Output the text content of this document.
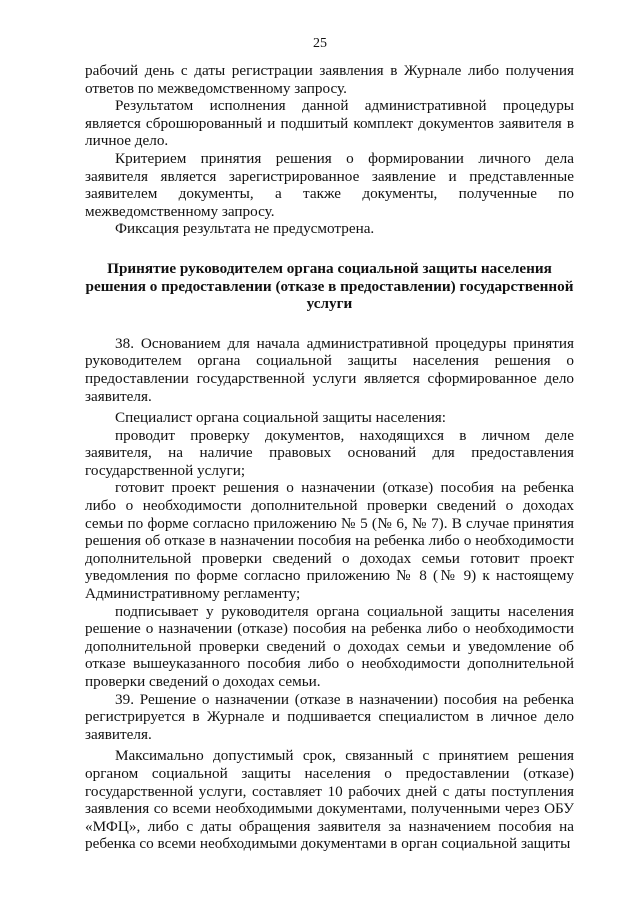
25

рабочий день с даты регистрации заявления в Журнале либо получения ответов по межведомственному запросу.

Результатом исполнения данной административной процедуры является сброшюрованный и подшитый комплект документов заявителя в личное дело.

Критерием принятия решения о формировании личного дела заявителя является зарегистрированное заявление и представленные заявителем документы, а также документы, полученные по межведомственному запросу.

Фиксация результата не предусмотрена.

Принятие руководителем органа социальной защиты населения решения о предоставлении (отказе в предоставлении) государственной услуги

38. Основанием для начала административной процедуры принятия руководителем органа социальной защиты населения решения о предоставлении государственной услуги является сформированное дело заявителя.

Специалист органа социальной защиты населения:

проводит проверку документов, находящихся в личном деле заявителя, на наличие правовых оснований для предоставления государственной услуги;

готовит проект решения о назначении (отказе) пособия на ребенка либо о необходимости дополнительной проверки сведений о доходах семьи по форме согласно приложению № 5 (№ 6, № 7). В случае принятия решения об отказе в назначении пособия на ребенка либо о необходимости дополнительной проверки сведений о доходах семьи готовит проект уведомления по форме согласно приложению № 8 (№ 9) к настоящему Административному регламенту;

подписывает у руководителя органа социальной защиты населения решение о назначении (отказе) пособия на ребенка либо о необходимости дополнительной проверки сведений о доходах семьи и уведомление об отказе вышеуказанного пособия либо о необходимости дополнительной проверки сведений о доходах семьи.

39. Решение о назначении (отказе в назначении) пособия на ребенка регистрируется в Журнале и подшивается специалистом в личное дело заявителя.

Максимально допустимый срок, связанный с принятием решения органом социальной защиты населения о предоставлении (отказе) государственной услуги, составляет 10 рабочих дней с даты поступления заявления со всеми необходимыми документами, полученными через ОБУ «МФЦ», либо с даты обращения заявителя за назначением пособия на ребенка со всеми необходимыми документами в орган социальной защиты
